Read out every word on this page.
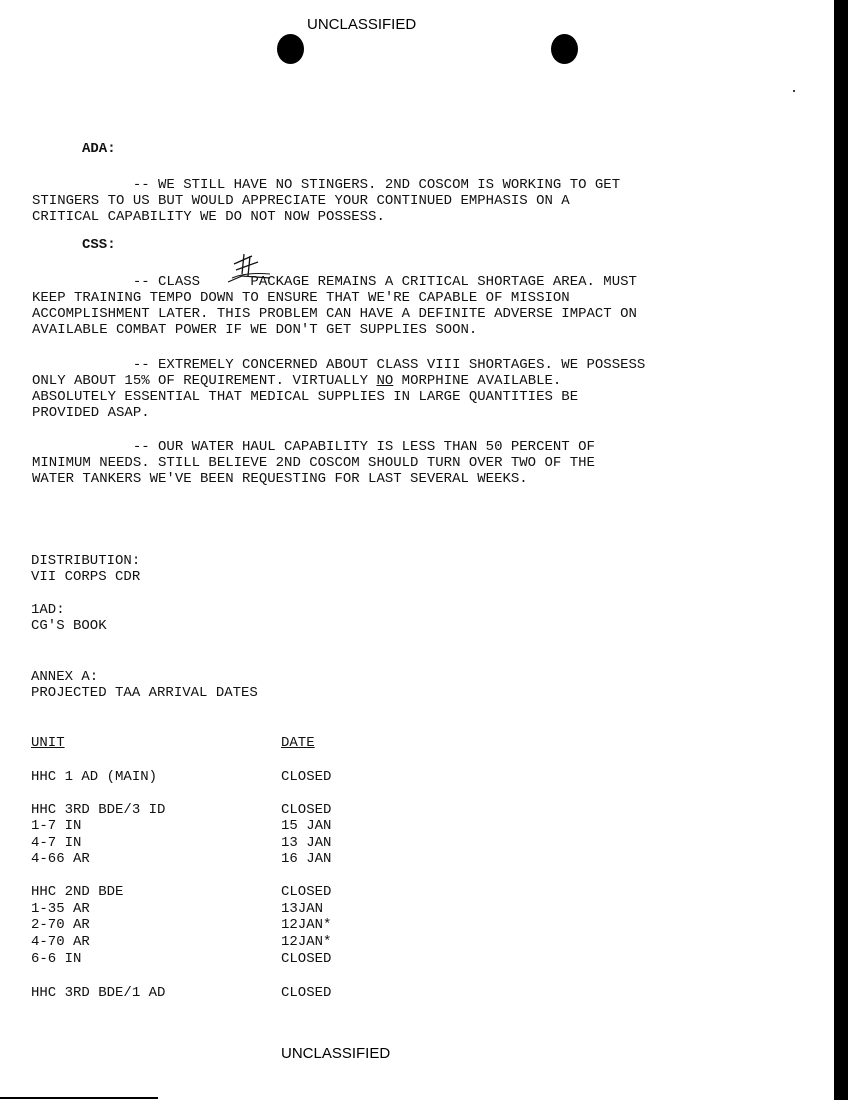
UNCLASSIFIED
ADA:
-- WE STILL HAVE NO STINGERS. 2ND COSCOM IS WORKING TO GET
STINGERS TO US BUT WOULD APPRECIATE YOUR CONTINUED EMPHASIS ON A
CRITICAL CAPABILITY WE DO NOT NOW POSSESS.
CSS:
-- CLASS      PACKAGE REMAINS A CRITICAL SHORTAGE AREA. MUST
KEEP TRAINING TEMPO DOWN TO ENSURE THAT WE'RE CAPABLE OF MISSION
ACCOMPLISHMENT LATER. THIS PROBLEM CAN HAVE A DEFINITE ADVERSE IMPACT ON
AVAILABLE COMBAT POWER IF WE DON'T GET SUPPLIES SOON.
-- EXTREMELY CONCERNED ABOUT CLASS VIII SHORTAGES. WE POSSESS
ONLY ABOUT 15% OF REQUIREMENT. VIRTUALLY NO MORPHINE AVAILABLE.
ABSOLUTELY ESSENTIAL THAT MEDICAL SUPPLIES IN LARGE QUANTITIES BE
PROVIDED ASAP.
-- OUR WATER HAUL CAPABILITY IS LESS THAN 50 PERCENT OF
MINIMUM NEEDS. STILL BELIEVE 2ND COSCOM SHOULD TURN OVER TWO OF THE
WATER TANKERS WE'VE BEEN REQUESTING FOR LAST SEVERAL WEEKS.
DISTRIBUTION:
VII CORPS CDR
1AD:
CG'S BOOK
ANNEX A:
PROJECTED TAA ARRIVAL DATES
UNIT	DATE
HHC 1 AD (MAIN)	CLOSED
HHC 3RD BDE/3 ID	CLOSED
1-7 IN	15 JAN
4-7 IN	13 JAN
4-66 AR	16 JAN
HHC 2ND BDE	CLOSED
1-35 AR	13JAN
2-70 AR	12JAN*
4-70 AR	12JAN*
6-6 IN	CLOSED
HHC 3RD BDE/1 AD	CLOSED
UNCLASSIFIED
